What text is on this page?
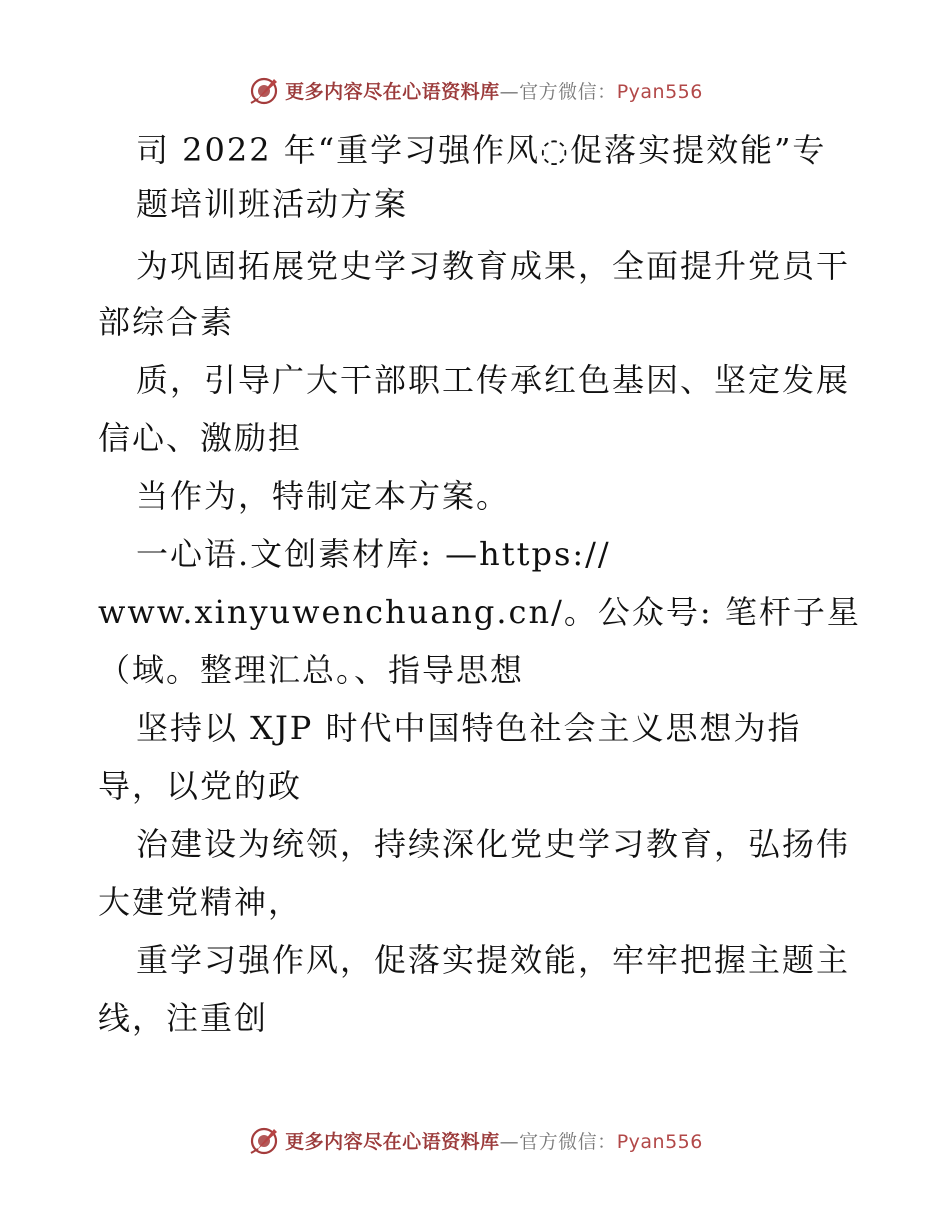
更多内容尽在心语资料库—官方微信：Pyan556
司 2022 年“重学习强作风◌促落实提效能”专
题培训班活动方案
为巩固拓展党史学习教育成果，全面提升党员干
部综合素
质，引导广大干部职工传承红色基因、坚定发展
信心、激励担
当作为，特制定本方案。
一心语.文创素材库: —https://
www.xinyuwenchuang.cn/。公众号: 笔杆子星
（域。整理汇总。、指导思想
坚持以 XJP 时代中国特色社会主义思想为指
导，以党的政
治建设为统领，持续深化党史学习教育，弘扬伟
大建党精神，
重学习强作风，促落实提效能，牢牢把握主题主
线，注重创
更多内容尽在心语资料库—官方微信：Pyan556
